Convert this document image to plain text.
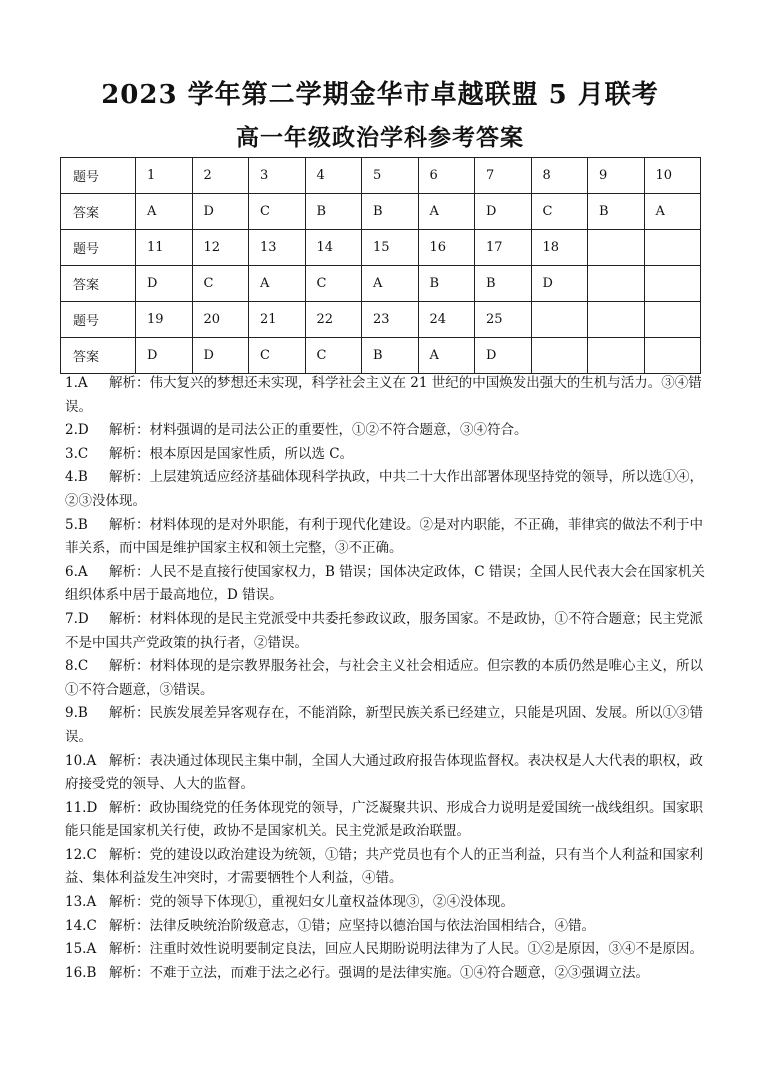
2023 学年第二学期金华市卓越联盟 5 月联考
高一年级政治学科参考答案
题号	1	2	3	4	5	6	7	8	9	10
答案	A	D	C	B	B	A	D	C	B	A
题号	11	12	13	14	15	16	17	18		
答案	D	C	A	C	A	B	B	D		
题号	19	20	21	22	23	24	25			
答案	D	D	C	C	B	A	D			

1.A 解析：伟大复兴的梦想还未实现，科学社会主义在 21 世纪的中国焕发出强大的生机与活力。③④错误。

2.D 解析：材料强调的是司法公正的重要性，①②不符合题意，③④符合。

3.C 解析：根本原因是国家性质，所以选 C。

4.B 解析：上层建筑适应经济基础体现科学执政，中共二十大作出部署体现坚持党的领导，所以选①④，②③没体现。

5.B 解析：材料体现的是对外职能，有利于现代化建设。②是对内职能，不正确，菲律宾的做法不利于中菲关系，而中国是维护国家主权和领土完整，③不正确。

6.A 解析：人民不是直接行使国家权力，B 错误；国体决定政体，C 错误；全国人民代表大会在国家机关组织体系中居于最高地位，D 错误。

7.D 解析：材料体现的是民主党派受中共委托参政议政，服务国家。不是政协，①不符合题意；民主党派不是中国共产党政策的执行者，②错误。

8.C 解析：材料体现的是宗教界服务社会，与社会主义社会相适应。但宗教的本质仍然是唯心主义，所以①不符合题意，③错误。

9.B 解析：民族发展差异客观存在，不能消除，新型民族关系已经建立，只能是巩固、发展。所以①③错误。

10.A 解析：表决通过体现民主集中制，全国人大通过政府报告体现监督权。表决权是人大代表的职权，政府接受党的领导、人大的监督。

11.D 解析：政协围绕党的任务体现党的领导，广泛凝聚共识、形成合力说明是爱国统一战线组织。国家职能只能是国家机关行使，政协不是国家机关。民主党派是政治联盟。

12.C 解析：党的建设以政治建设为统领，①错；共产党员也有个人的正当利益，只有当个人利益和国家利益、集体利益发生冲突时，才需要牺牲个人利益，④错。

13.A 解析：党的领导下体现①，重视妇女儿童权益体现③，②④没体现。

14.C 解析：法律反映统治阶级意志，①错；应坚持以德治国与依法治国相结合，④错。

15.A 解析：注重时效性说明要制定良法，回应人民期盼说明法律为了人民。①②是原因，③④不是原因。

16.B 解析：不难于立法，而难于法之必行。强调的是法律实施。①④符合题意，②③强调立法。
